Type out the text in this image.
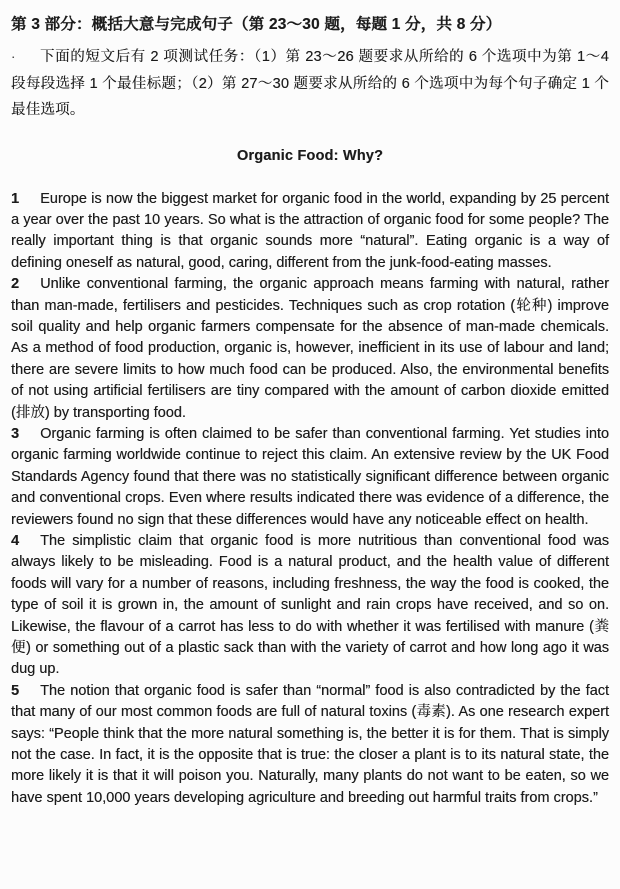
第 3 部分：概括大意与完成句子（第 23～30 题，每题 1 分，共 8 分）

·	下面的短文后有 2 项测试任务：（1）第 23～26 题要求从所给的 6 个选项中为第 1～4 段每段选择 1 个最佳标题；（2）第 27～30 题要求从所给的 6 个选项中为每个句子确定 1 个最佳选项。

Organic Food: Why?

1 Europe is now the biggest market for organic food in the world, expanding by 25 percent a year over the past 10 years. So what is the attraction of organic food for some people? The really important thing is that organic sounds more “natural”. Eating organic is a way of defining oneself as natural, good, caring, different from the junk-food-eating masses.

2 Unlike conventional farming, the organic approach means farming with natural, rather than man-made, fertilisers and pesticides. Techniques such as crop rotation (轮种) improve soil quality and help organic farmers compensate for the absence of man-made chemicals. As a method of food production, organic is, however, inefficient in its use of labour and land; there are severe limits to how much food can be produced. Also, the environmental benefits of not using artificial fertilisers are tiny compared with the amount of carbon dioxide emitted (排放) by transporting food.

3 Organic farming is often claimed to be safer than conventional farming. Yet studies into organic farming worldwide continue to reject this claim. An extensive review by the UK Food Standards Agency found that there was no statistically significant difference between organic and conventional crops. Even where results indicated there was evidence of a difference, the reviewers found no sign that these differences would have any noticeable effect on health.

4 The simplistic claim that organic food is more nutritious than conventional food was always likely to be misleading. Food is a natural product, and the health value of different foods will vary for a number of reasons, including freshness, the way the food is cooked, the type of soil it is grown in, the amount of sunlight and rain crops have received, and so on. Likewise, the flavour of a carrot has less to do with whether it was fertilised with manure (粪便) or something out of a plastic sack than with the variety of carrot and how long ago it was dug up.

5 The notion that organic food is safer than “normal” food is also contradicted by the fact that many of our most common foods are full of natural toxins (毒素). As one research expert says: “People think that the more natural something is, the better it is for them. That is simply not the case. In fact, it is the opposite that is true: the closer a plant is to its natural state, the more likely it is that it will poison you. Naturally, many plants do not want to be eaten, so we have spent 10,000 years developing agriculture and breeding out harmful traits from crops.”
